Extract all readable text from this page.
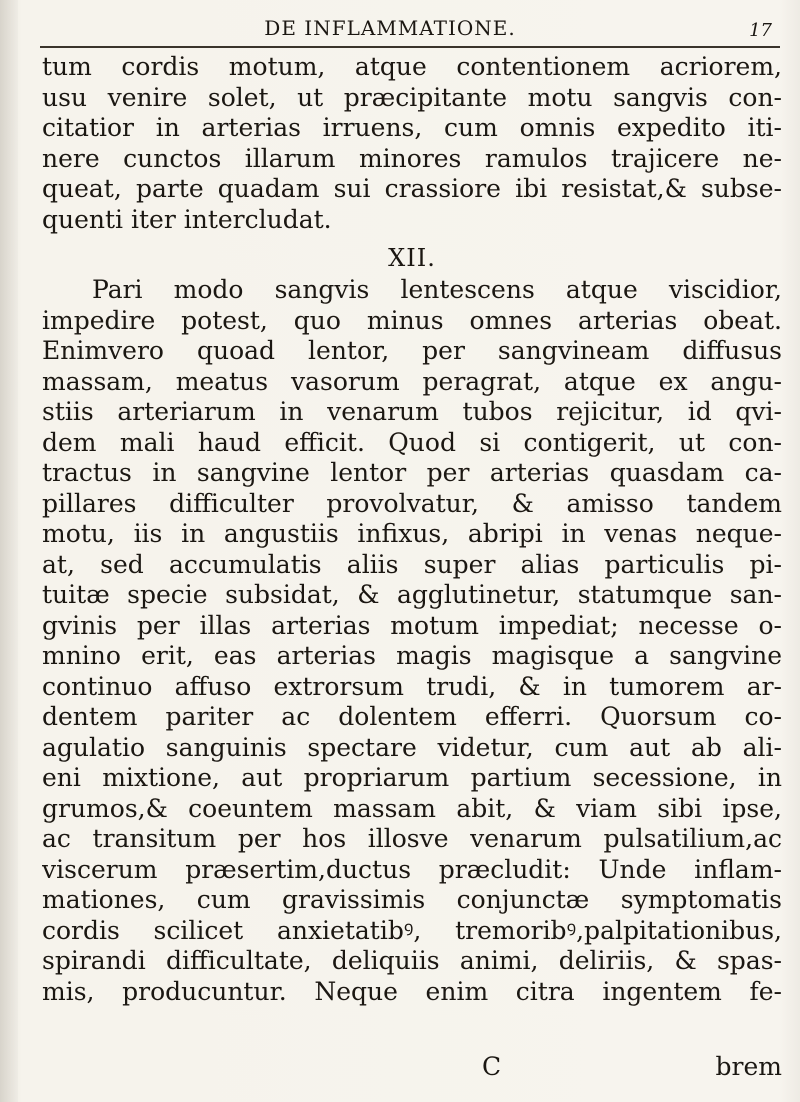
DE INFLAMMATIONE.	17
tum cordis motum, atque contentionem acriorem,
usu venire solet, ut præcipitante motu sangvis con-
citatior in arterias irruens, cum omnis expedito iti-
nere cunctos illarum minores ramulos trajicere ne-
queat, parte quadam sui crassiore ibi resistat,& subse-
quenti iter intercludat.
XII.
Pari modo sangvis lentescens atque viscidior,
impedire potest, quo minus omnes arterias obeat.
Enimvero quoad lentor, per sangvineam diffusus
massam, meatus vasorum peragrat, atque ex angu-
stiis arteriarum in venarum tubos rejicitur, id qvi-
dem mali haud efficit. Quod si contigerit, ut con-
tractus in sangvine lentor per arterias quasdam ca-
pillares difficulter provolvatur, & amisso tandem
motu, iis in angustiis infixus, abripi in venas neque-
at, sed accumulatis aliis super alias particulis pi-
tuitæ specie subsidat, & agglutinetur, statumque san-
gvinis per illas arterias motum impediat; necesse o-
mnino erit, eas arterias magis magisque a sangvine
continuo affuso extrorsum trudi, & in tumorem ar-
dentem pariter ac dolentem efferri. Quorsum co-
agulatio sanguinis spectare videtur, cum aut ab ali-
eni mixtione, aut propriarum partium secessione, in
grumos,& coeuntem massam abit, & viam sibi ipse,
ac transitum per hos illosve venarum pulsatilium,ac
viscerum præsertim,ductus præcludit: Unde inflam-
mationes, cum gravissimis conjunctæ symptomatis
cordis scilicet anxietatibꝰ, tremoribꝰ,palpitationibus,
spirandi difficultate, deliquiis animi, deliriis, & spas-
mis, producuntur. Neque enim citra ingentem fe-
C	brem
